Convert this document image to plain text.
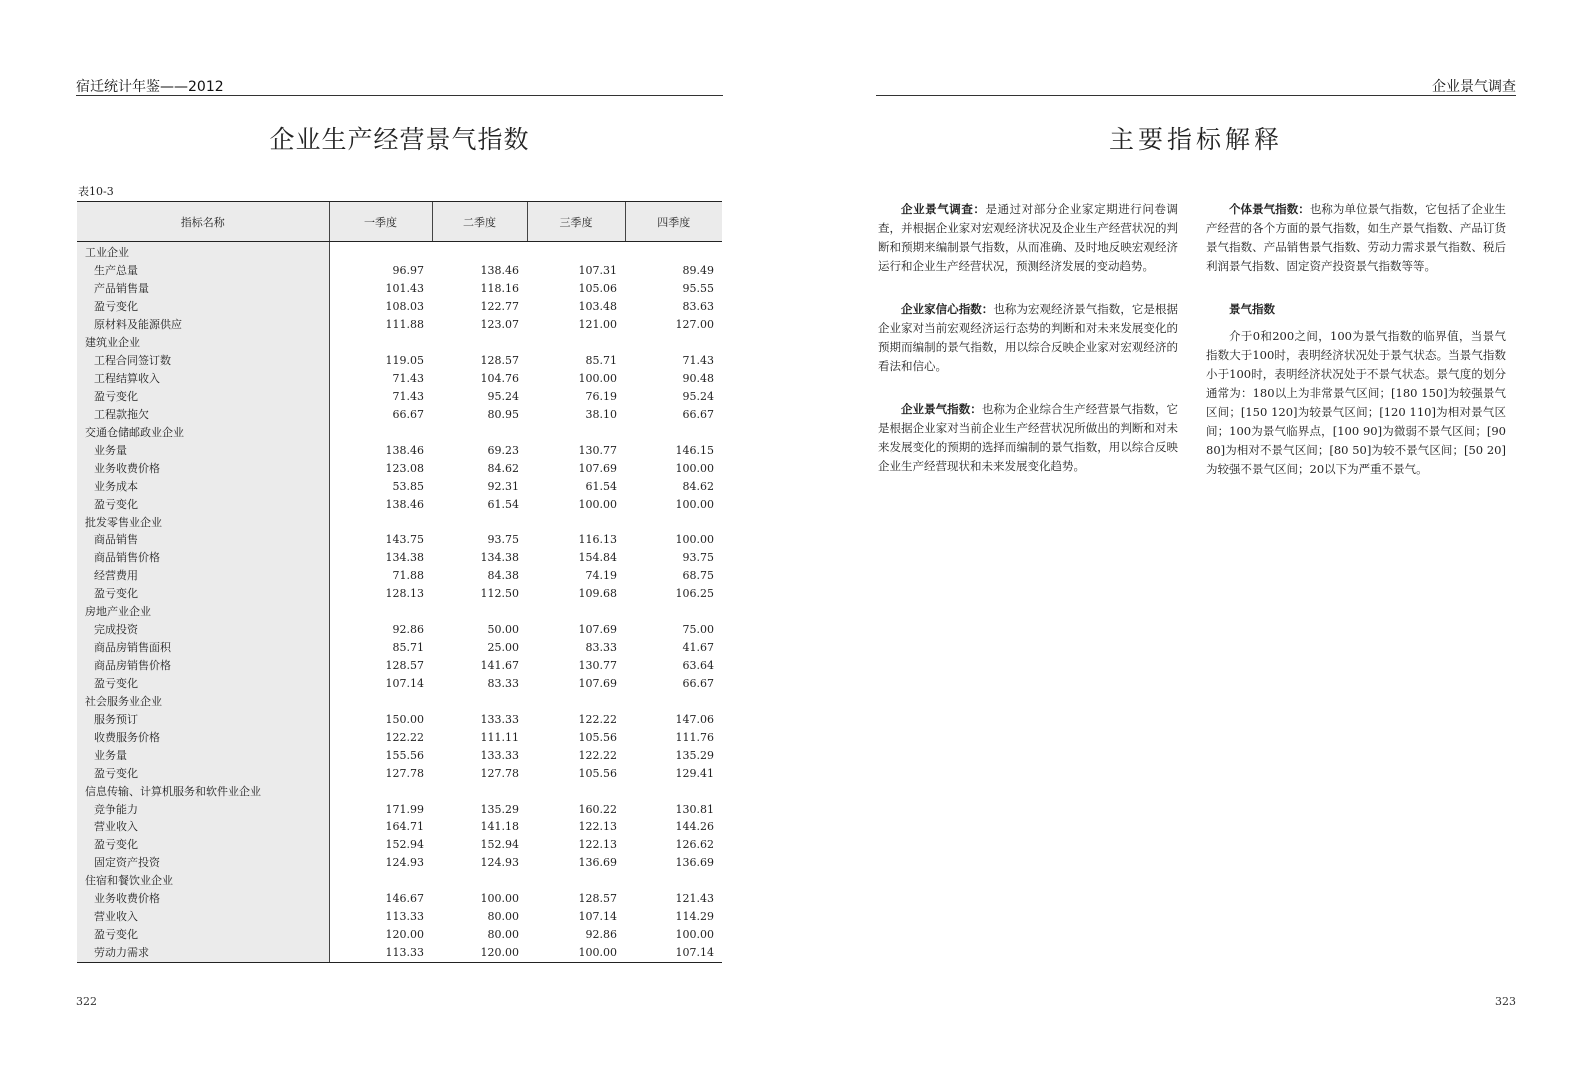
宿迁统计年鉴——2012
企业生产经营景气指数
表10-3
指标名称	一季度	二季度	三季度	四季度
工业企业				
生产总量	96.97	138.46	107.31	89.49
产品销售量	101.43	118.16	105.06	95.55
盈亏变化	108.03	122.77	103.48	83.63
原材料及能源供应	111.88	123.07	121.00	127.00
建筑业企业				
工程合同签订数	119.05	128.57	85.71	71.43
工程结算收入	71.43	104.76	100.00	90.48
盈亏变化	71.43	95.24	76.19	95.24
工程款拖欠	66.67	80.95	38.10	66.67
交通仓储邮政业企业				
业务量	138.46	69.23	130.77	146.15
业务收费价格	123.08	84.62	107.69	100.00
业务成本	53.85	92.31	61.54	84.62
盈亏变化	138.46	61.54	100.00	100.00
批发零售业企业				
商品销售	143.75	93.75	116.13	100.00
商品销售价格	134.38	134.38	154.84	93.75
经营费用	71.88	84.38	74.19	68.75
盈亏变化	128.13	112.50	109.68	106.25
房地产业企业				
完成投资	92.86	50.00	107.69	75.00
商品房销售面积	85.71	25.00	83.33	41.67
商品房销售价格	128.57	141.67	130.77	63.64
盈亏变化	107.14	83.33	107.69	66.67
社会服务业企业				
服务预订	150.00	133.33	122.22	147.06
收费服务价格	122.22	111.11	105.56	111.76
业务量	155.56	133.33	122.22	135.29
盈亏变化	127.78	127.78	105.56	129.41
信息传输、计算机服务和软件业企业				
竞争能力	171.99	135.29	160.22	130.81
营业收入	164.71	141.18	122.13	144.26
盈亏变化	152.94	152.94	122.13	126.62
固定资产投资	124.93	124.93	136.69	136.69
住宿和餐饮业企业				
业务收费价格	146.67	100.00	128.57	121.43
营业收入	113.33	80.00	107.14	114.29
盈亏变化	120.00	80.00	92.86	100.00
劳动力需求	113.33	120.00	100.00	107.14
322
企业景气调查
主要指标解释

企业景气调查：是通过对部分企业家定期进行问卷调查，并根据企业家对宏观经济状况及企业生产经营状况的判断和预期来编制景气指数，从而准确、及时地反映宏观经济运行和企业生产经营状况，预测经济发展的变动趋势。

企业家信心指数：也称为宏观经济景气指数，它是根据企业家对当前宏观经济运行态势的判断和对未来发展变化的预期而编制的景气指数，用以综合反映企业家对宏观经济的看法和信心。

企业景气指数：也称为企业综合生产经营景气指数，它是根据企业家对当前企业生产经营状况所做出的判断和对未来发展变化的预期的选择而编制的景气指数，用以综合反映企业生产经营现状和未来发展变化趋势。

个体景气指数：也称为单位景气指数，它包括了企业生产经营的各个方面的景气指数，如生产景气指数、产品订货景气指数、产品销售景气指数、劳动力需求景气指数、税后利润景气指数、固定资产投资景气指数等等。

景气指数

介于0和200之间，100为景气指数的临界值，当景气指数大于100时，表明经济状况处于景气状态。当景气指数小于100时，表明经济状况处于不景气状态。景气度的划分通常为：180以上为非常景气区间；[180 150]为较强景气区间；[150 120]为较景气区间；[120 110]为相对景气区间；100为景气临界点，[100 90]为微弱不景气区间；[90 80]为相对不景气区间；[80 50]为较不景气区间；[50 20]为较强不景气区间；20以下为严重不景气。

323
